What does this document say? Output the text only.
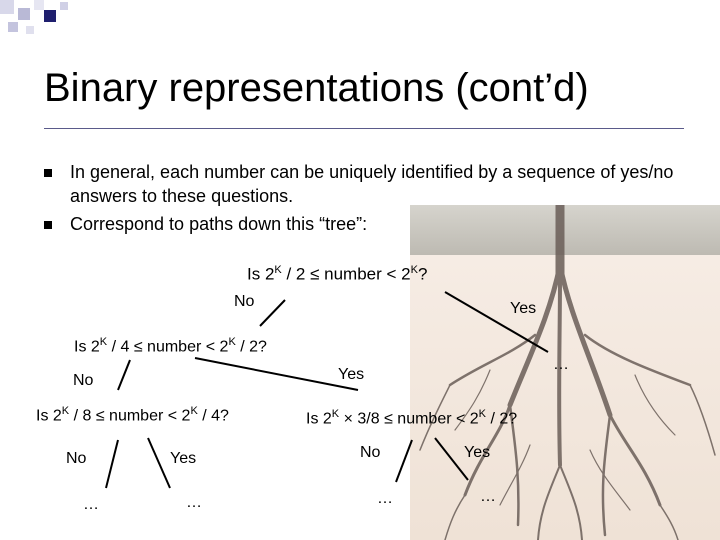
Binary representations (cont’d)
In general, each number can be uniquely identified by a sequence of yes/no answers to these questions.
Correspond to paths down this “tree”:
Is $2^K / 2$ ≤ number < $2^K$?
No	Yes
…
Is $2^K / 4$ ≤ number < $2^K / 2$?
No	Yes
Is $2^K / 8$ ≤ number < $2^K / 4$?
No	Yes
…	…
Is $2^K \times 3/8$ ≤ number < $2^K / 2$?
No	Yes
…	…
